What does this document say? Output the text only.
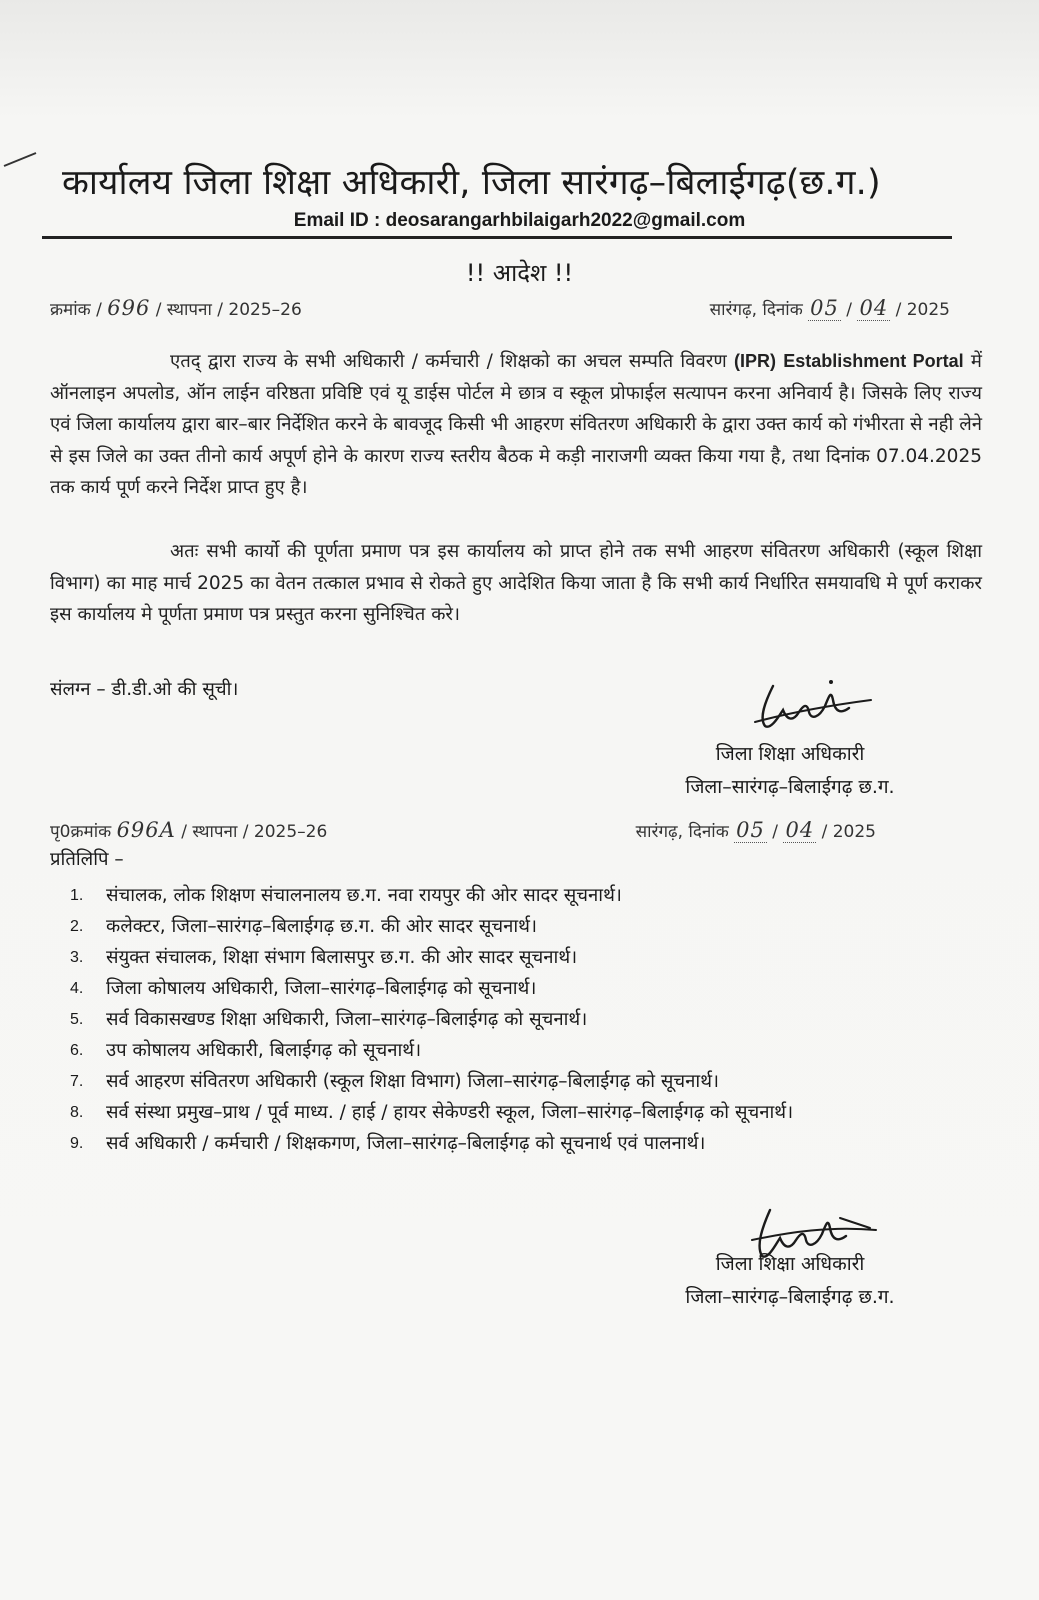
कार्यालय जिला शिक्षा अधिकारी, जिला सारंगढ़–बिलाईगढ़(छ.ग.)
Email ID : deosarangarhbilaigarh2022@gmail.com
!! आदेश !!
क्रमांक / 696 / स्थापना / 2025–26	सारंगढ़, दिनांक 05 / 04 / 2025
एतद् द्वारा राज्य के सभी अधिकारी / कर्मचारी / शिक्षको का अचल सम्पति विवरण (IPR) Establishment Portal में ऑनलाइन अपलोड, ऑन लाईन वरिष्ठता प्रविष्टि एवं यू डाईस पोर्टल मे छात्र व स्कूल प्रोफाईल सत्यापन करना अनिवार्य है। जिसके लिए राज्य एवं जिला कार्यालय द्वारा बार–बार निर्देशित करने के बावजूद किसी भी आहरण संवितरण अधिकारी के द्वारा उक्त कार्य को गंभीरता से नही लेने से इस जिले का उक्त तीनो कार्य अपूर्ण होने के कारण राज्य स्तरीय बैठक मे कड़ी नाराजगी व्यक्त किया गया है, तथा दिनांक 07.04.2025 तक कार्य पूर्ण करने निर्देश प्राप्त हुए है।
अतः सभी कार्यो की पूर्णता प्रमाण पत्र इस कार्यालय को प्राप्त होने तक सभी आहरण संवितरण अधिकारी (स्कूल शिक्षा विभाग) का माह मार्च 2025 का वेतन तत्काल प्रभाव से रोकते हुए आदेशित किया जाता है कि सभी कार्य निर्धारित समयावधि मे पूर्ण कराकर इस कार्यालय मे पूर्णता प्रमाण पत्र प्रस्तुत करना सुनिश्चित करे।
संलग्न – डी.डी.ओ की सूची।
जिला शिक्षा अधिकारी
जिला–सारंगढ़–बिलाईगढ़ छ.ग.
पृ0क्रमांक 696A / स्थापना / 2025–26	सारंगढ़, दिनांक 05 / 04 / 2025
प्रतिलिपि –
1.	संचालक, लोक शिक्षण संचालनालय छ.ग. नवा रायपुर की ओर सादर सूचनार्थ।
2.	कलेक्टर, जिला–सारंगढ़–बिलाईगढ़ छ.ग. की ओर सादर सूचनार्थ।
3.	संयुक्त संचालक, शिक्षा संभाग बिलासपुर छ.ग. की ओर सादर सूचनार्थ।
4.	जिला कोषालय अधिकारी, जिला–सारंगढ़–बिलाईगढ़ को सूचनार्थ।
5.	सर्व विकासखण्ड शिक्षा अधिकारी, जिला–सारंगढ़–बिलाईगढ़ को सूचनार्थ।
6.	उप कोषालय अधिकारी, बिलाईगढ़ को सूचनार्थ।
7.	सर्व आहरण संवितरण अधिकारी (स्कूल शिक्षा विभाग) जिला–सारंगढ़–बिलाईगढ़ को सूचनार्थ।
8.	सर्व संस्था प्रमुख–प्राथ / पूर्व माध्य. / हाई / हायर सेकेण्डरी स्कूल, जिला–सारंगढ़–बिलाईगढ़ को सूचनार्थ।
9.	सर्व अधिकारी / कर्मचारी / शिक्षकगण, जिला–सारंगढ़–बिलाईगढ़ को सूचनार्थ एवं पालनार्थ।
जिला शिक्षा अधिकारी
जिला–सारंगढ़–बिलाईगढ़ छ.ग.
